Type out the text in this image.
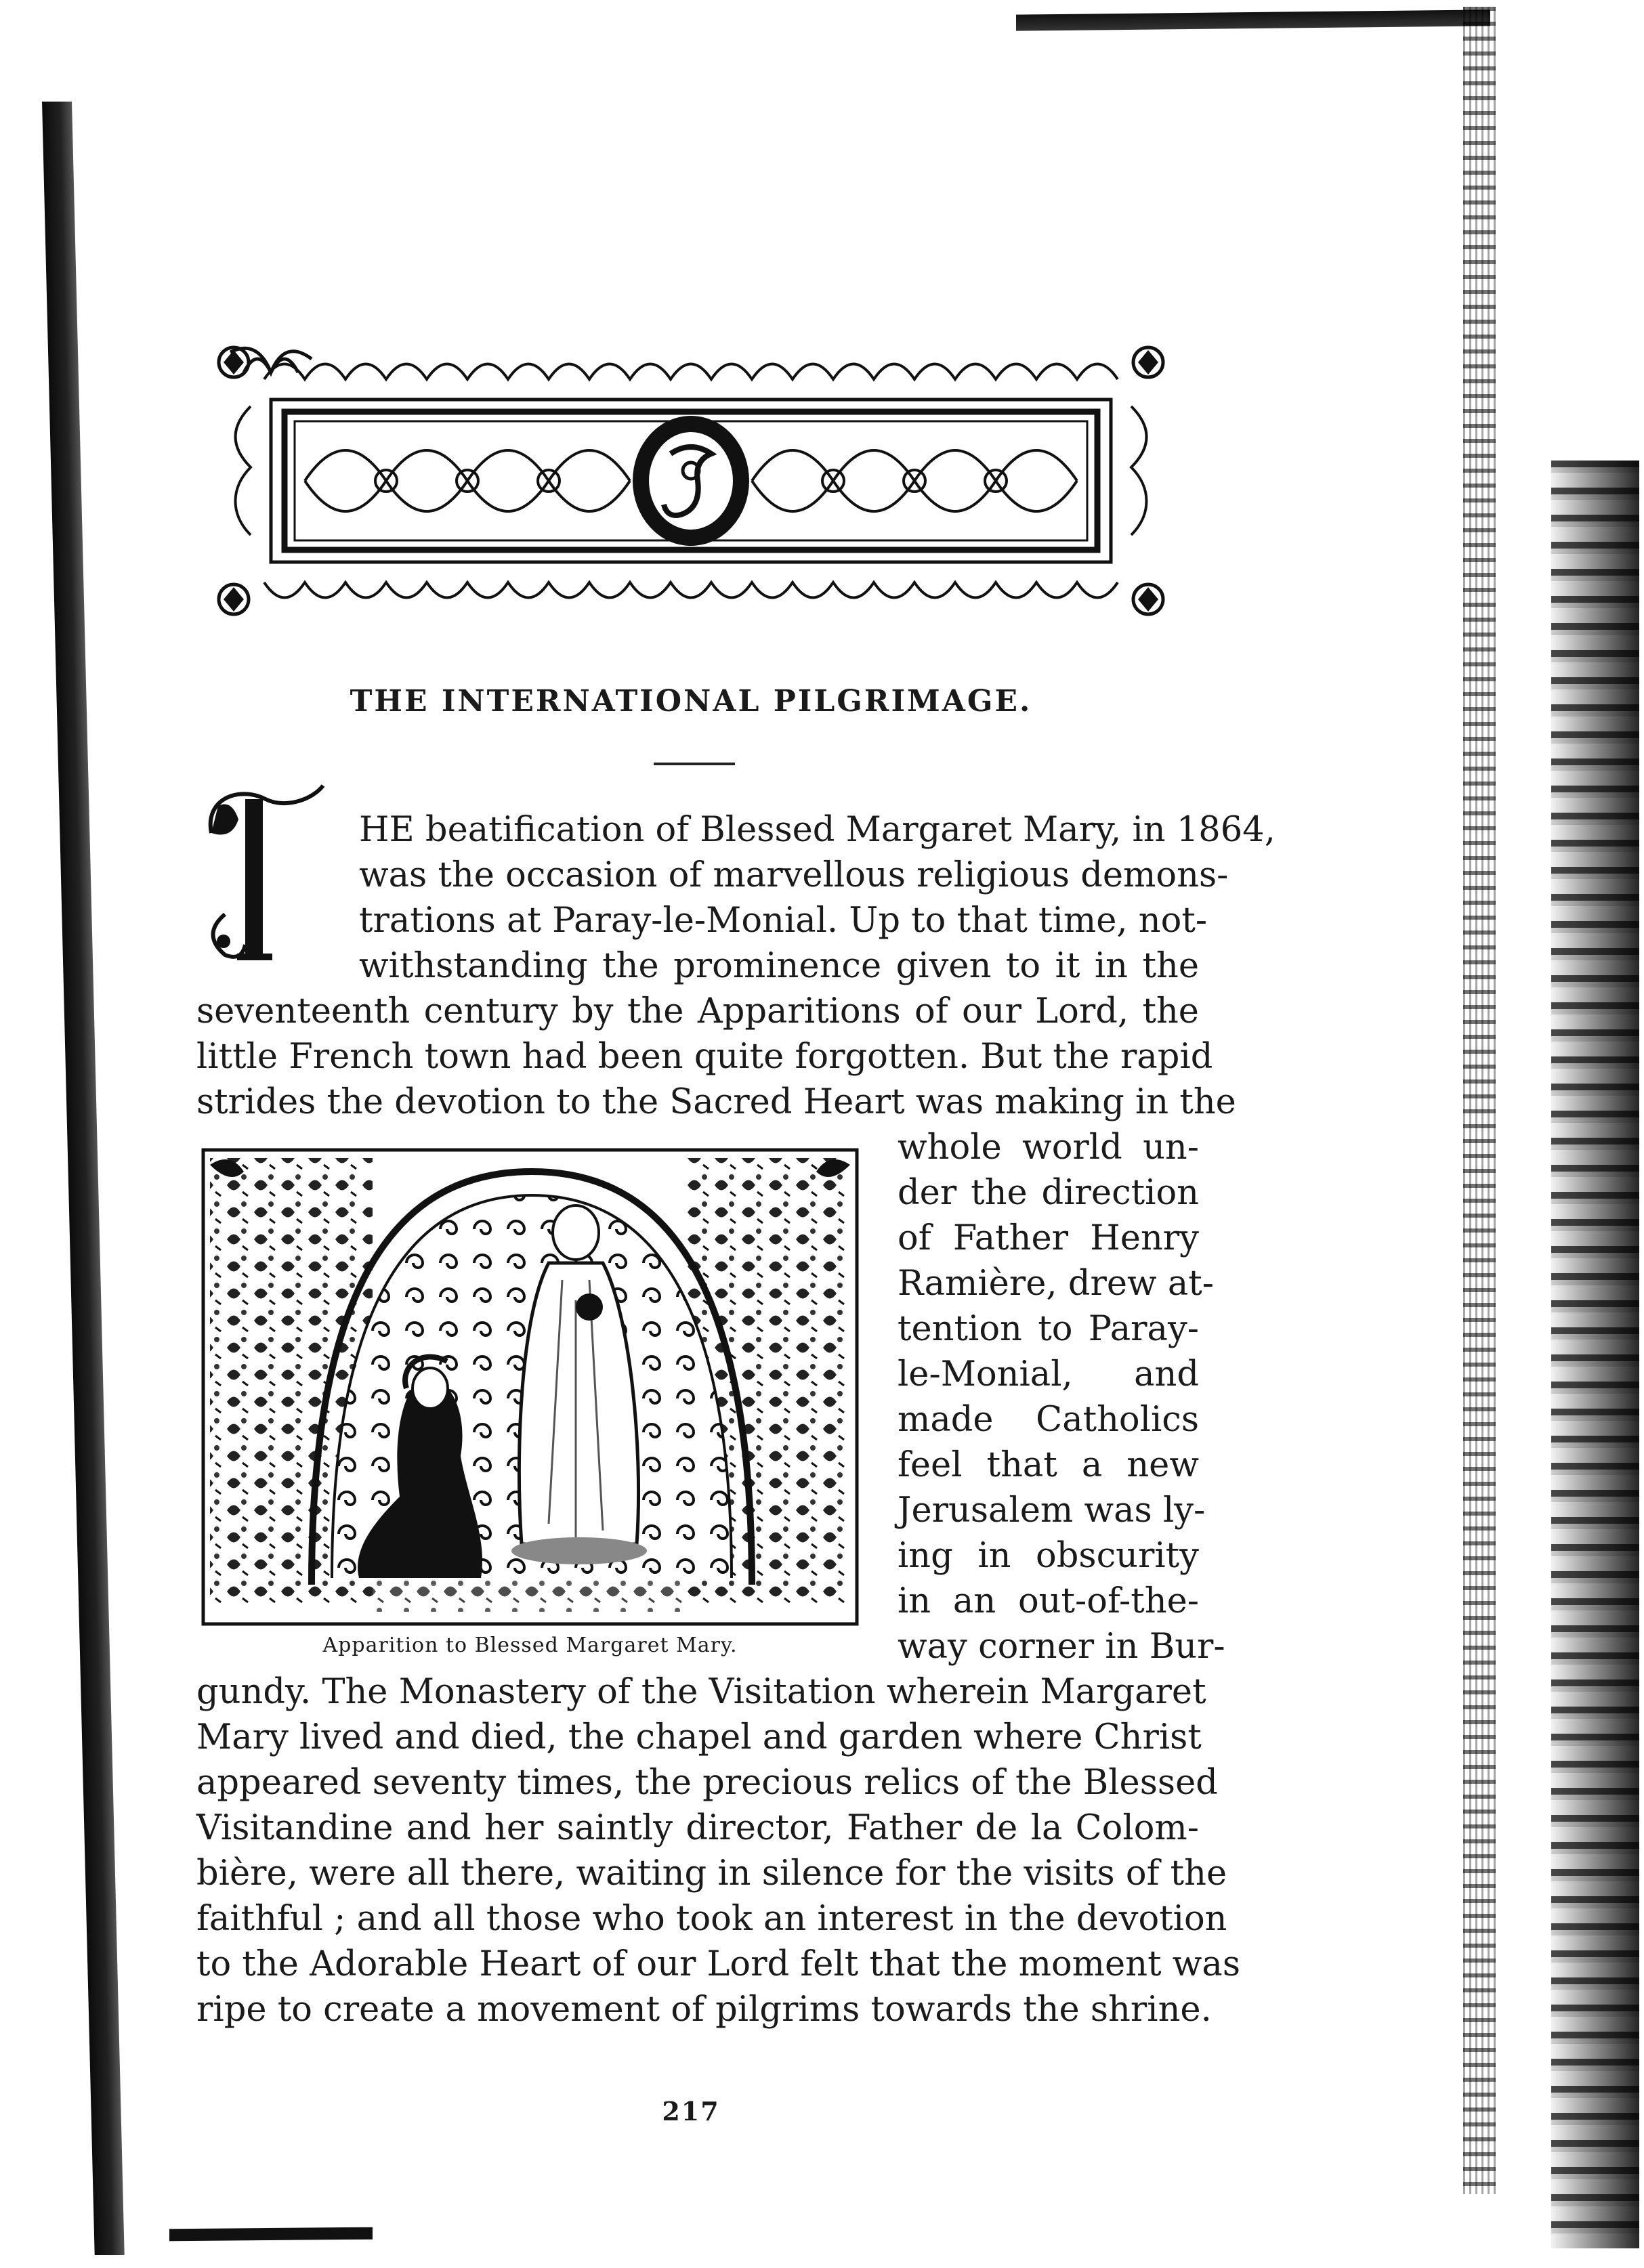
THE INTERNATIONAL PILGRIMAGE.
T
HE beatification of Blessed Margaret Mary, in 1864,
was the occasion of marvellous religious demons-
trations at Paray-le-Monial. Up to that time, not-
withstanding the prominence given to it in the
seventeenth century by the Apparitions of our Lord, the
little French town had been quite forgotten. But the rapid
strides the devotion to the Sacred Heart was making in the
Apparition to Blessed Margaret Mary.
whole world un-
der the direction
of Father Henry
Ramière, drew at-
tention to Paray-
le-Monial, and
made Catholics
feel that a new
Jerusalem was ly-
ing in obscurity
in an out-of-the-
way corner in Bur-
gundy. The Monastery of the Visitation wherein Margaret
Mary lived and died, the chapel and garden where Christ
appeared seventy times, the precious relics of the Blessed
Visitandine and her saintly director, Father de la Colom-
bière, were all there, waiting in silence for the visits of the
faithful ; and all those who took an interest in the devotion
to the Adorable Heart of our Lord felt that the moment was
ripe to create a movement of pilgrims towards the shrine.
217
